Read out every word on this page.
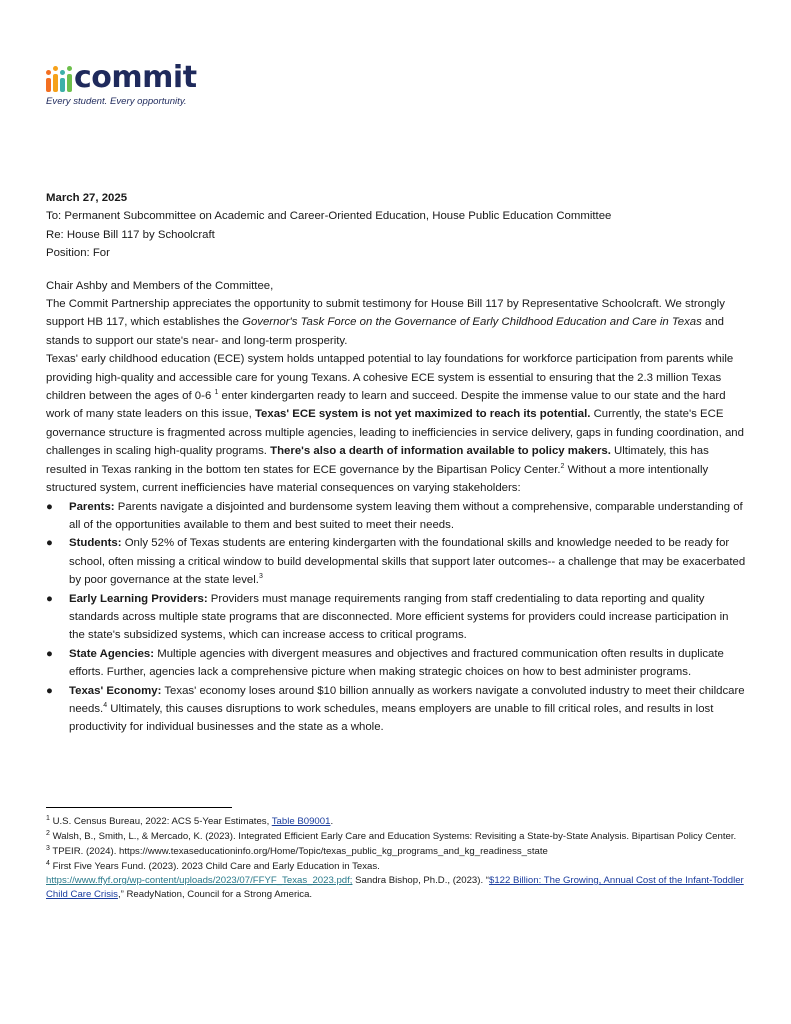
commit
Every student. Every opportunity.

March 27, 2025

To: Permanent Subcommittee on Academic and Career-Oriented Education, House Public Education Committee

Re: House Bill 117 by Schoolcraft

Position: For

Chair Ashby and Members of the Committee,

The Commit Partnership appreciates the opportunity to submit testimony for House Bill 117 by Representative Schoolcraft. We strongly support HB 117, which establishes the Governor's Task Force on the Governance of Early Childhood Education and Care in Texas and stands to support our state's near- and long-term prosperity.

Texas' early childhood education (ECE) system holds untapped potential to lay foundations for workforce participation from parents while providing high-quality and accessible care for young Texans. A cohesive ECE system is essential to ensuring that the 2.3 million Texas children between the ages of 0-6 $^1$ enter kindergarten ready to learn and succeed. Despite the immense value to our state and the hard work of many state leaders on this issue, Texas' ECE system is not yet maximized to reach its potential. Currently, the state's ECE governance structure is fragmented across multiple agencies, leading to inefficiencies in service delivery, gaps in funding coordination, and challenges in scaling high-quality programs. There's also a dearth of information available to policy makers. Ultimately, this has resulted in Texas ranking in the bottom ten states for ECE governance by the Bipartisan Policy Center.$^2$ Without a more intentionally structured system, current inefficiencies have material consequences on varying stakeholders:

● Parents: Parents navigate a disjointed and burdensome system leaving them without a comprehensive, comparable understanding of all of the opportunities available to them and best suited to meet their needs.
● Students: Only 52% of Texas students are entering kindergarten with the foundational skills and knowledge needed to be ready for school, often missing a critical window to build developmental skills that support later outcomes-- a challenge that may be exacerbated by poor governance at the state level.$^3$
● Early Learning Providers: Providers must manage requirements ranging from staff credentialing to data reporting and quality standards across multiple state programs that are disconnected. More efficient systems for providers could increase participation in the state's subsidized systems, which can increase access to critical programs.
● State Agencies: Multiple agencies with divergent measures and objectives and fractured communication often results in duplicate efforts. Further, agencies lack a comprehensive picture when making strategic choices on how to best administer programs.
● Texas' Economy: Texas' economy loses around $10 billion annually as workers navigate a convoluted industry to meet their childcare needs.$^4$ Ultimately, this causes disruptions to work schedules, means employers are unable to fill critical roles, and results in lost productivity for individual businesses and the state as a whole.

$^1$ U.S. Census Bureau, 2022: ACS 5-Year Estimates, Table B09001.

$^2$ Walsh, B., Smith, L., & Mercado, K. (2023). Integrated Efficient Early Care and Education Systems: Revisiting a State-by-State Analysis. Bipartisan Policy Center.

$^3$ TPEIR. (2024). https://www.texaseducationinfo.org/Home/Topic/texas_public_kg_programs_and_kg_readiness_state

$^4$ First Five Years Fund. (2023). 2023 Child Care and Early Education in Texas.
https://www.ffyf.org/wp-content/uploads/2023/07/FFYF_Texas_2023.pdf; Sandra Bishop, Ph.D., (2023). “$122 Billion: The Growing, Annual Cost of the Infant-Toddler Child Care Crisis,” ReadyNation, Council for a Strong America.
